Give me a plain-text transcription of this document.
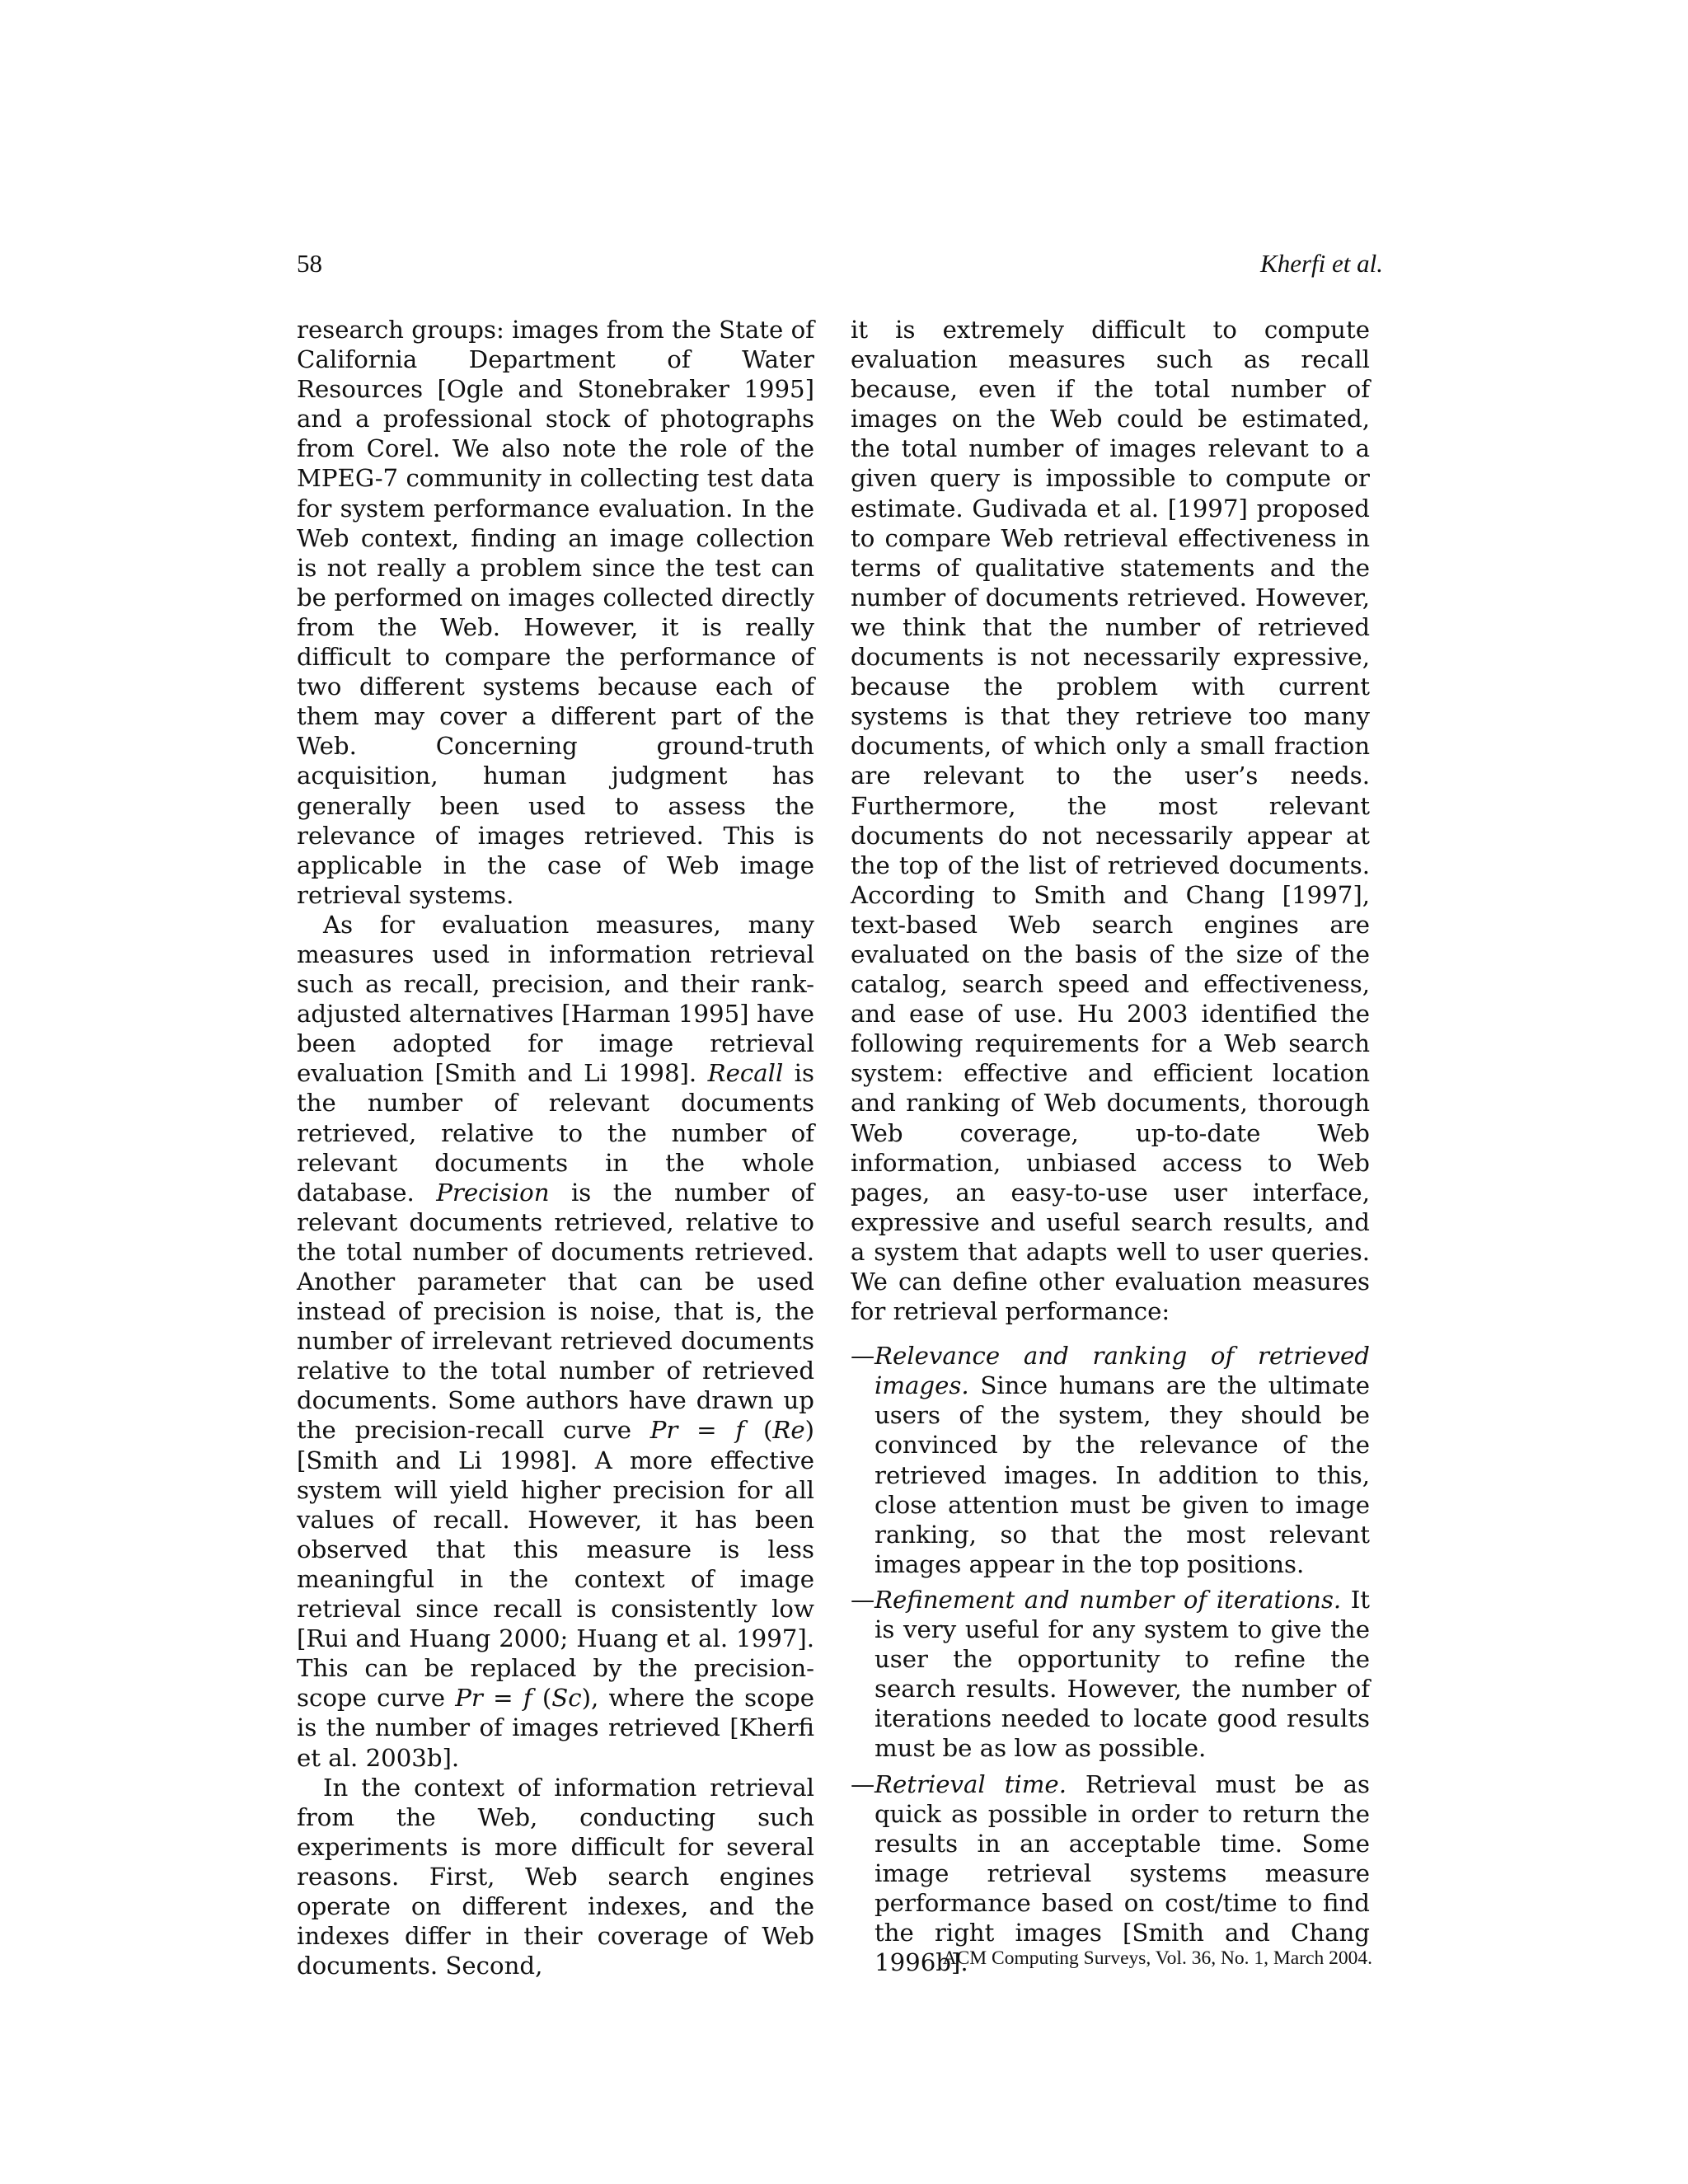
58	Kherfi et al.

research groups: images from the State of California Department of Water Resources [Ogle and Stonebraker 1995] and a professional stock of photographs from Corel. We also note the role of the MPEG-7 community in collecting test data for system performance evaluation. In the Web context, finding an image collection is not really a problem since the test can be performed on images collected directly from the Web. However, it is really difficult to compare the performance of two different systems because each of them may cover a different part of the Web. Concerning ground-truth acquisition, human judgment has generally been used to assess the relevance of images retrieved. This is applicable in the case of Web image retrieval systems.

As for evaluation measures, many measures used in information retrieval such as recall, precision, and their rank-adjusted alternatives [Harman 1995] have been adopted for image retrieval evaluation [Smith and Li 1998]. Recall is the number of relevant documents retrieved, relative to the number of relevant documents in the whole database. Precision is the number of relevant documents retrieved, relative to the total number of documents retrieved. Another parameter that can be used instead of precision is noise, that is, the number of irrelevant retrieved documents relative to the total number of retrieved documents. Some authors have drawn up the precision-recall curve Pr = f (Re) [Smith and Li 1998]. A more effective system will yield higher precision for all values of recall. However, it has been observed that this measure is less meaningful in the context of image retrieval since recall is consistently low [Rui and Huang 2000; Huang et al. 1997]. This can be replaced by the precision-scope curve Pr = f (Sc), where the scope is the number of images retrieved [Kherfi et al. 2003b].

In the context of information retrieval from the Web, conducting such experiments is more difficult for several reasons. First, Web search engines operate on different indexes, and the indexes differ in their coverage of Web documents. Second,

it is extremely difficult to compute evaluation measures such as recall because, even if the total number of images on the Web could be estimated, the total number of images relevant to a given query is impossible to compute or estimate. Gudivada et al. [1997] proposed to compare Web retrieval effectiveness in terms of qualitative statements and the number of documents retrieved. However, we think that the number of retrieved documents is not necessarily expressive, because the problem with current systems is that they retrieve too many documents, of which only a small fraction are relevant to the user’s needs. Furthermore, the most relevant documents do not necessarily appear at the top of the list of retrieved documents. According to Smith and Chang [1997], text-based Web search engines are evaluated on the basis of the size of the catalog, search speed and effectiveness, and ease of use. Hu 2003 identified the following requirements for a Web search system: effective and efficient location and ranking of Web documents, thorough Web coverage, up-to-date Web information, unbiased access to Web pages, an easy-to-use user interface, expressive and useful search results, and a system that adapts well to user queries. We can define other evaluation measures for retrieval performance:

— Relevance and ranking of retrieved images. Since humans are the ultimate users of the system, they should be convinced by the relevance of the retrieved images. In addition to this, close attention must be given to image ranking, so that the most relevant images appear in the top positions.
— Refinement and number of iterations. It is very useful for any system to give the user the opportunity to refine the search results. However, the number of iterations needed to locate good results must be as low as possible.
— Retrieval time. Retrieval must be as quick as possible in order to return the results in an acceptable time. Some image retrieval systems measure performance based on cost/time to find the right images [Smith and Chang 1996b].
ACM Computing Surveys, Vol. 36, No. 1, March 2004.
